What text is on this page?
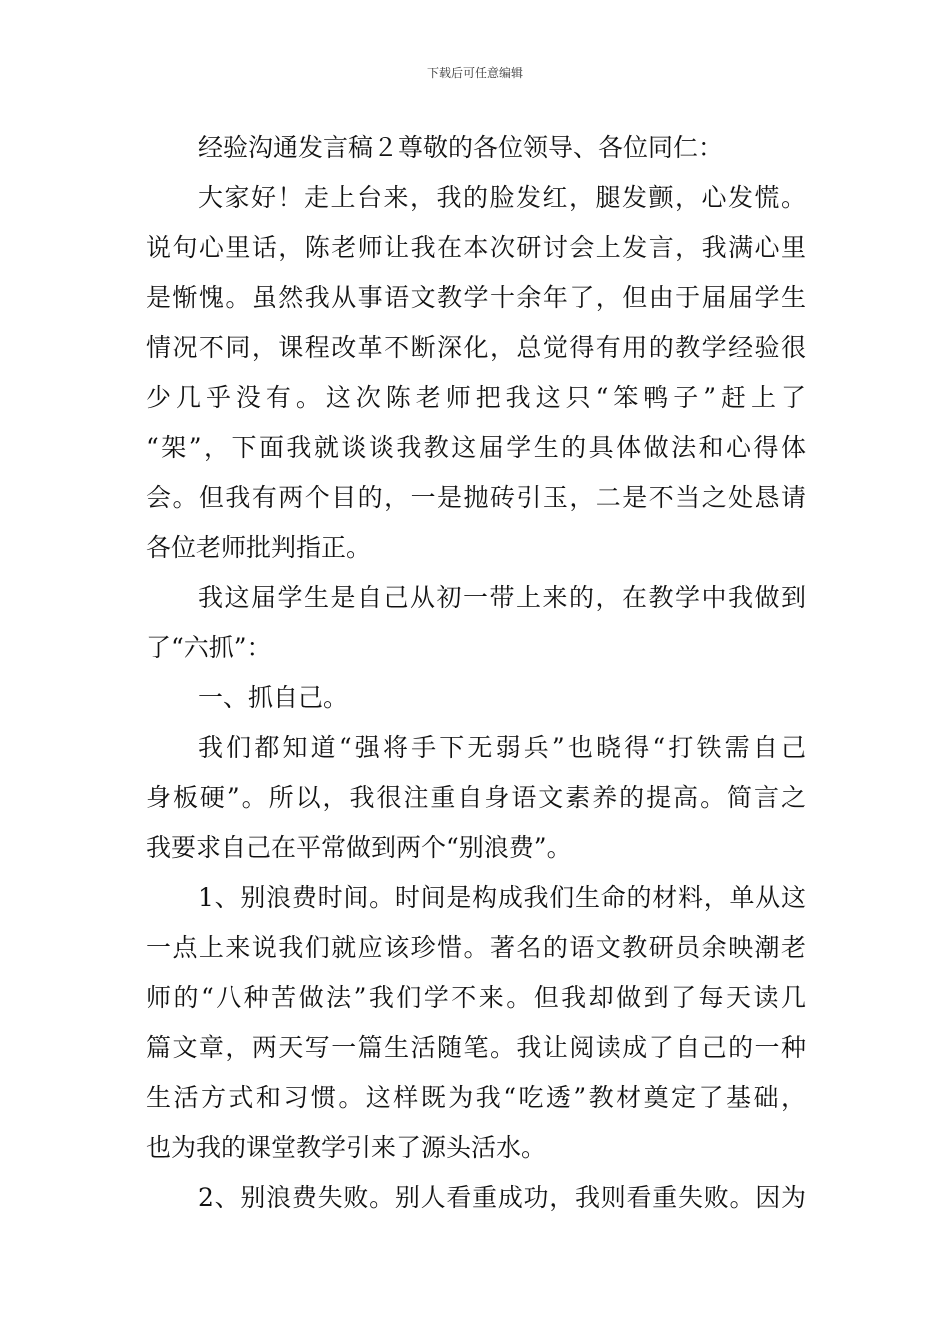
下载后可任意编辑
经验沟通发言稿２尊敬的各位领导、各位同仁：
大家好！走上台来，我的脸发红，腿发颤，心发慌。
说句心里话，陈老师让我在本次研讨会上发言，我满心里
是惭愧。虽然我从事语文教学十余年了，但由于届届学生
情况不同，课程改革不断深化，总觉得有用的教学经验很
少几乎没有。这次陈老师把我这只“笨鸭子”赶上了
“架”，下面我就谈谈我教这届学生的具体做法和心得体
会。但我有两个目的，一是抛砖引玉，二是不当之处恳请
各位老师批判指正。
我这届学生是自己从初一带上来的，在教学中我做到
了“六抓”：
一、抓自己。
我们都知道“强将手下无弱兵”也晓得“打铁需自己
身板硬”。所以，我很注重自身语文素养的提高。简言之
我要求自己在平常做到两个“别浪费”。
1、别浪费时间。时间是构成我们生命的材料，单从这
一点上来说我们就应该珍惜。著名的语文教研员余映潮老
师的“八种苦做法”我们学不来。但我却做到了每天读几
篇文章，两天写一篇生活随笔。我让阅读成了自己的一种
生活方式和习惯。这样既为我“吃透”教材奠定了基础，
也为我的课堂教学引来了源头活水。
2、别浪费失败。别人看重成功，我则看重失败。因为
